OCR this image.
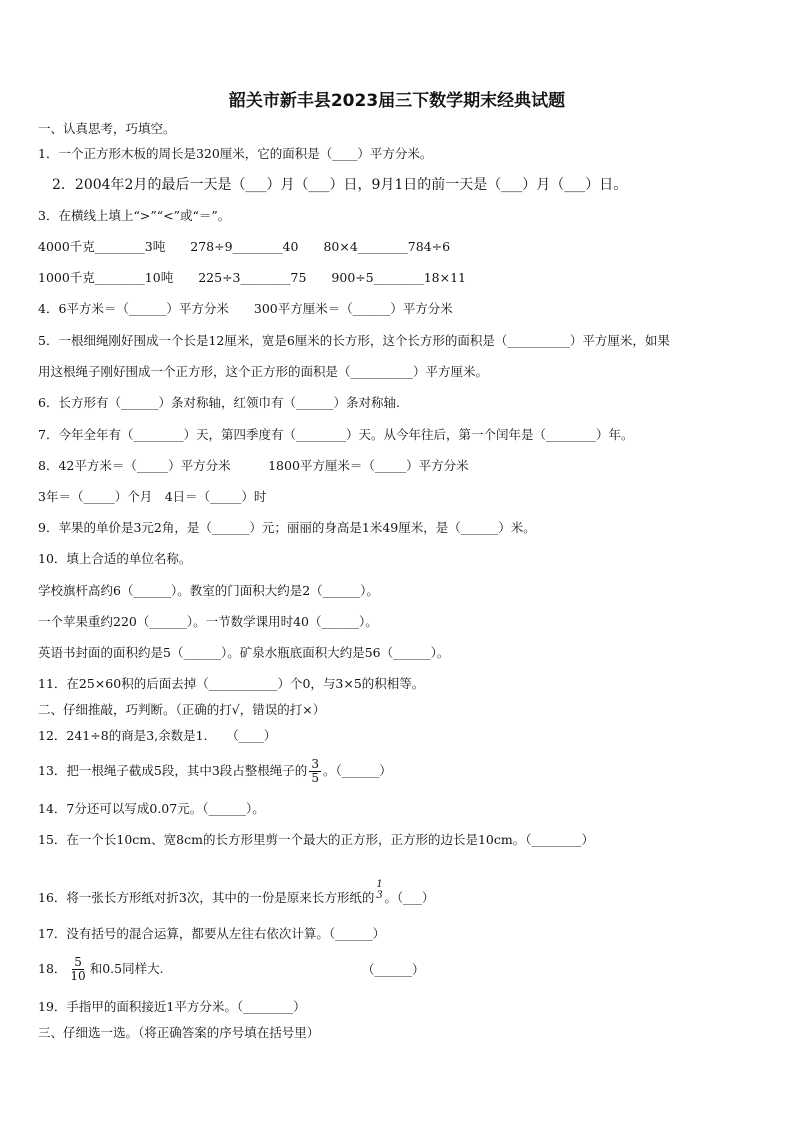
韶关市新丰县2023届三下数学期末经典试题
一、认真思考，巧填空。
1．一个正方形木板的周长是320厘米，它的面积是（____）平方分米。
2．2004年2月的最后一天是（___）月（___）日，9月1日的前一天是（___）月（___）日。
3．在横线上填上“>”“<”或“＝”。
4000千克________3吨　　278÷9________40　　80×4________784÷6
1000千克________10吨　　225÷3________75　　900÷5________18×11
4．6平方米＝（______）平方分米　　300平方厘米＝（______）平方分米
5．一根细绳刚好围成一个长是12厘米，宽是6厘米的长方形，这个长方形的面积是（__________）平方厘米，如果
用这根绳子刚好围成一个正方形，这个正方形的面积是（__________）平方厘米。
6．长方形有（______）条对称轴，红领巾有（______）条对称轴.
7．今年全年有（________）天，第四季度有（________）天。从今年往后，第一个闰年是（________）年。
8．42平方米＝（_____）平方分米　　　1800平方厘米＝（_____）平方分米
3年＝（_____）个月　4日＝（_____）时
9．苹果的单价是3元2角，是（______）元；丽丽的身高是1米49厘米，是（______）米。
10．填上合适的单位名称。
学校旗杆高约6（______）。教室的门面积大约是2（______）。
一个苹果重约220（______）。一节数学课用时40（______）。
英语书封面的面积约是5（______）。矿泉水瓶底面积大约是56（______）。
11．在25×60积的后面去掉（___________）个0，与3×5的积相等。
二、仔细推敲，巧判断。（正确的打√，错误的打×）
12．241÷8的商是3,余数是1.　　（____）
13．把一根绳子截成5段，其中3段占整根绳子的 $\frac{3}{5}$ 。（______）
14．7分还可以写成0.07元。（______）。
15．在一个长10cm、宽8cm的长方形里剪一个最大的正方形，正方形的边长是10cm。（________）
16．将一张长方形纸对折3次，其中的一份是原来长方形纸的
1
3 。（___）
17．没有括号的混合运算，都要从左往右依次计算。（______）
18． $\frac{5}{10}$ 和0.5同样大.	（______）
19．手指甲的面积接近1平方分米。（________）
三、仔细选一选。（将正确答案的序号填在括号里）
